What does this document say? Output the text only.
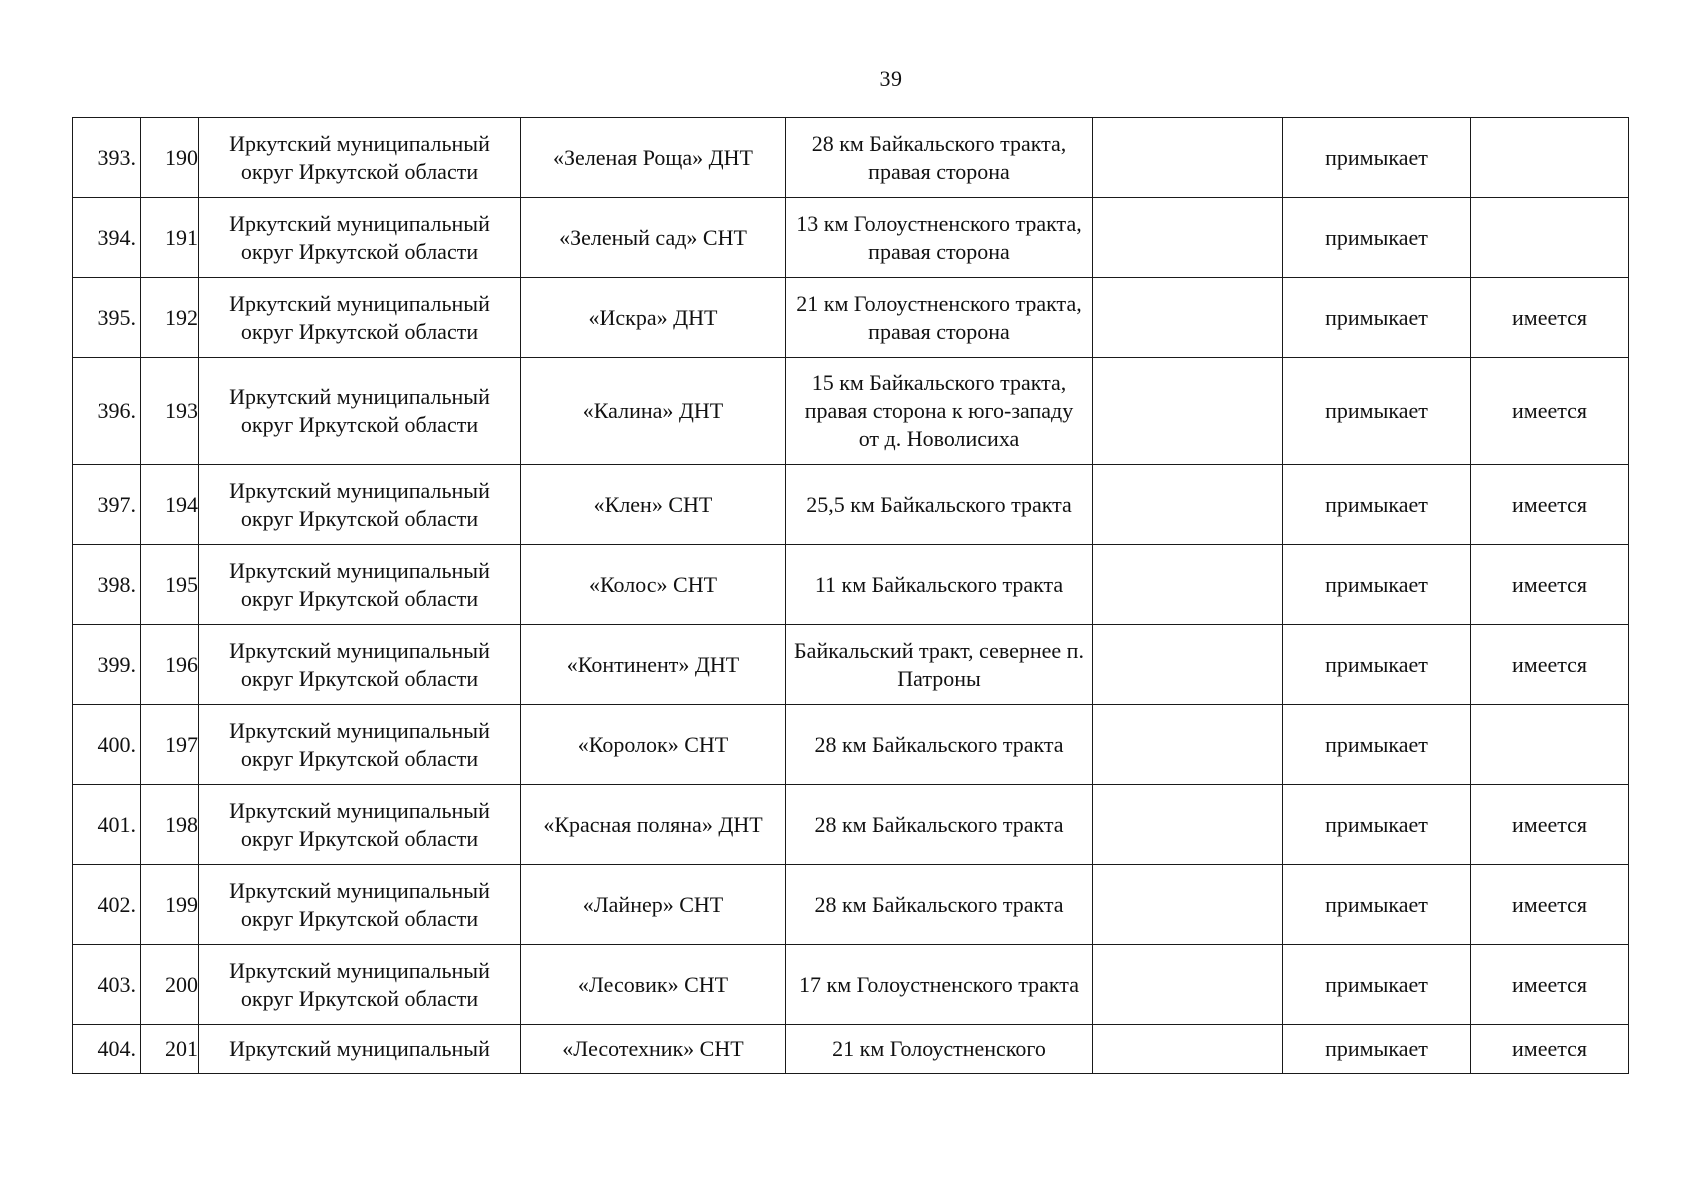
39
393.	190	Иркутский муниципальный округ Иркутской области	«Зеленая Роща» ДНТ	28 км Байкальского тракта, правая сторона		примыкает	
394.	191	Иркутский муниципальный округ Иркутской области	«Зеленый сад» СНТ	13 км Голоустненского тракта, правая сторона		примыкает	
395.	192	Иркутский муниципальный округ Иркутской области	«Искра» ДНТ	21 км Голоустненского тракта, правая сторона		примыкает	имеется
396.	193	Иркутский муниципальный округ Иркутской области	«Калина» ДНТ	15 км Байкальского тракта, правая сторона к юго-западу от д. Новолисиха		примыкает	имеется
397.	194	Иркутский муниципальный округ Иркутской области	«Клен» СНТ	25,5 км Байкальского тракта		примыкает	имеется
398.	195	Иркутский муниципальный округ Иркутской области	«Колос» СНТ	11 км Байкальского тракта		примыкает	имеется
399.	196	Иркутский муниципальный округ Иркутской области	«Континент» ДНТ	Байкальский тракт, севернее п. Патроны		примыкает	имеется
400.	197	Иркутский муниципальный округ Иркутской области	«Королок» СНТ	28 км Байкальского тракта		примыкает	
401.	198	Иркутский муниципальный округ Иркутской области	«Красная поляна» ДНТ	28 км Байкальского тракта		примыкает	имеется
402.	199	Иркутский муниципальный округ Иркутской области	«Лайнер» СНТ	28 км Байкальского тракта		примыкает	имеется
403.	200	Иркутский муниципальный округ Иркутской области	«Лесовик» СНТ	17 км Голоустненского тракта		примыкает	имеется
404.	201	Иркутский муниципальный	«Лесотехник» СНТ	21 км Голоустненского		примыкает	имеется
